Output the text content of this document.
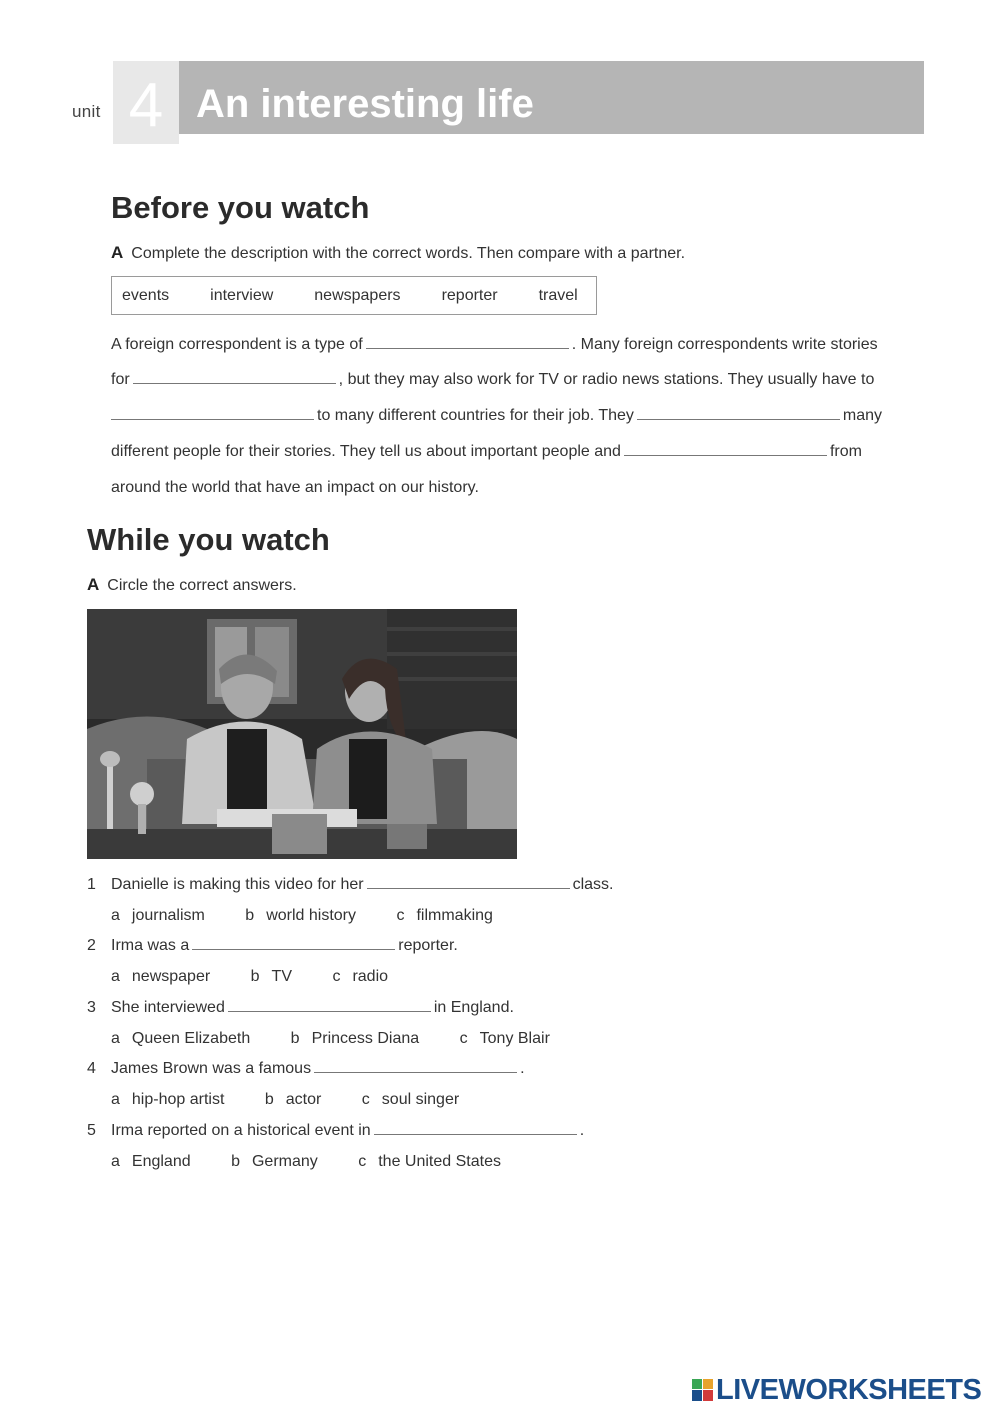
unit 4 An interesting life
Before you watch
A Complete the description with the correct words. Then compare with a partner.
events	interview	newspapers	reporter	travel
A foreign correspondent is a type of	. Many foreign correspondents write stories
for	, but they may also work for TV or radio news stations. They usually have to
to many different countries for their job. They	many
different people for their stories. They tell us about important people and	from
around the world that have an impact on our history.
While you watch
A Circle the correct answers.
1 Danielle is making this video for her	class.
a journalism	b world history	c filmmaking
2 Irma was a	reporter.
a newspaper	b TV	c radio
3 She interviewed	in England.
a Queen Elizabeth	b Princess Diana	c Tony Blair
4 James Brown was a famous	.
a hip-hop artist	b actor	c soul singer
5 Irma reported on a historical event in	.
a England	b Germany	c the United States
LIVEWORKSHEETS
